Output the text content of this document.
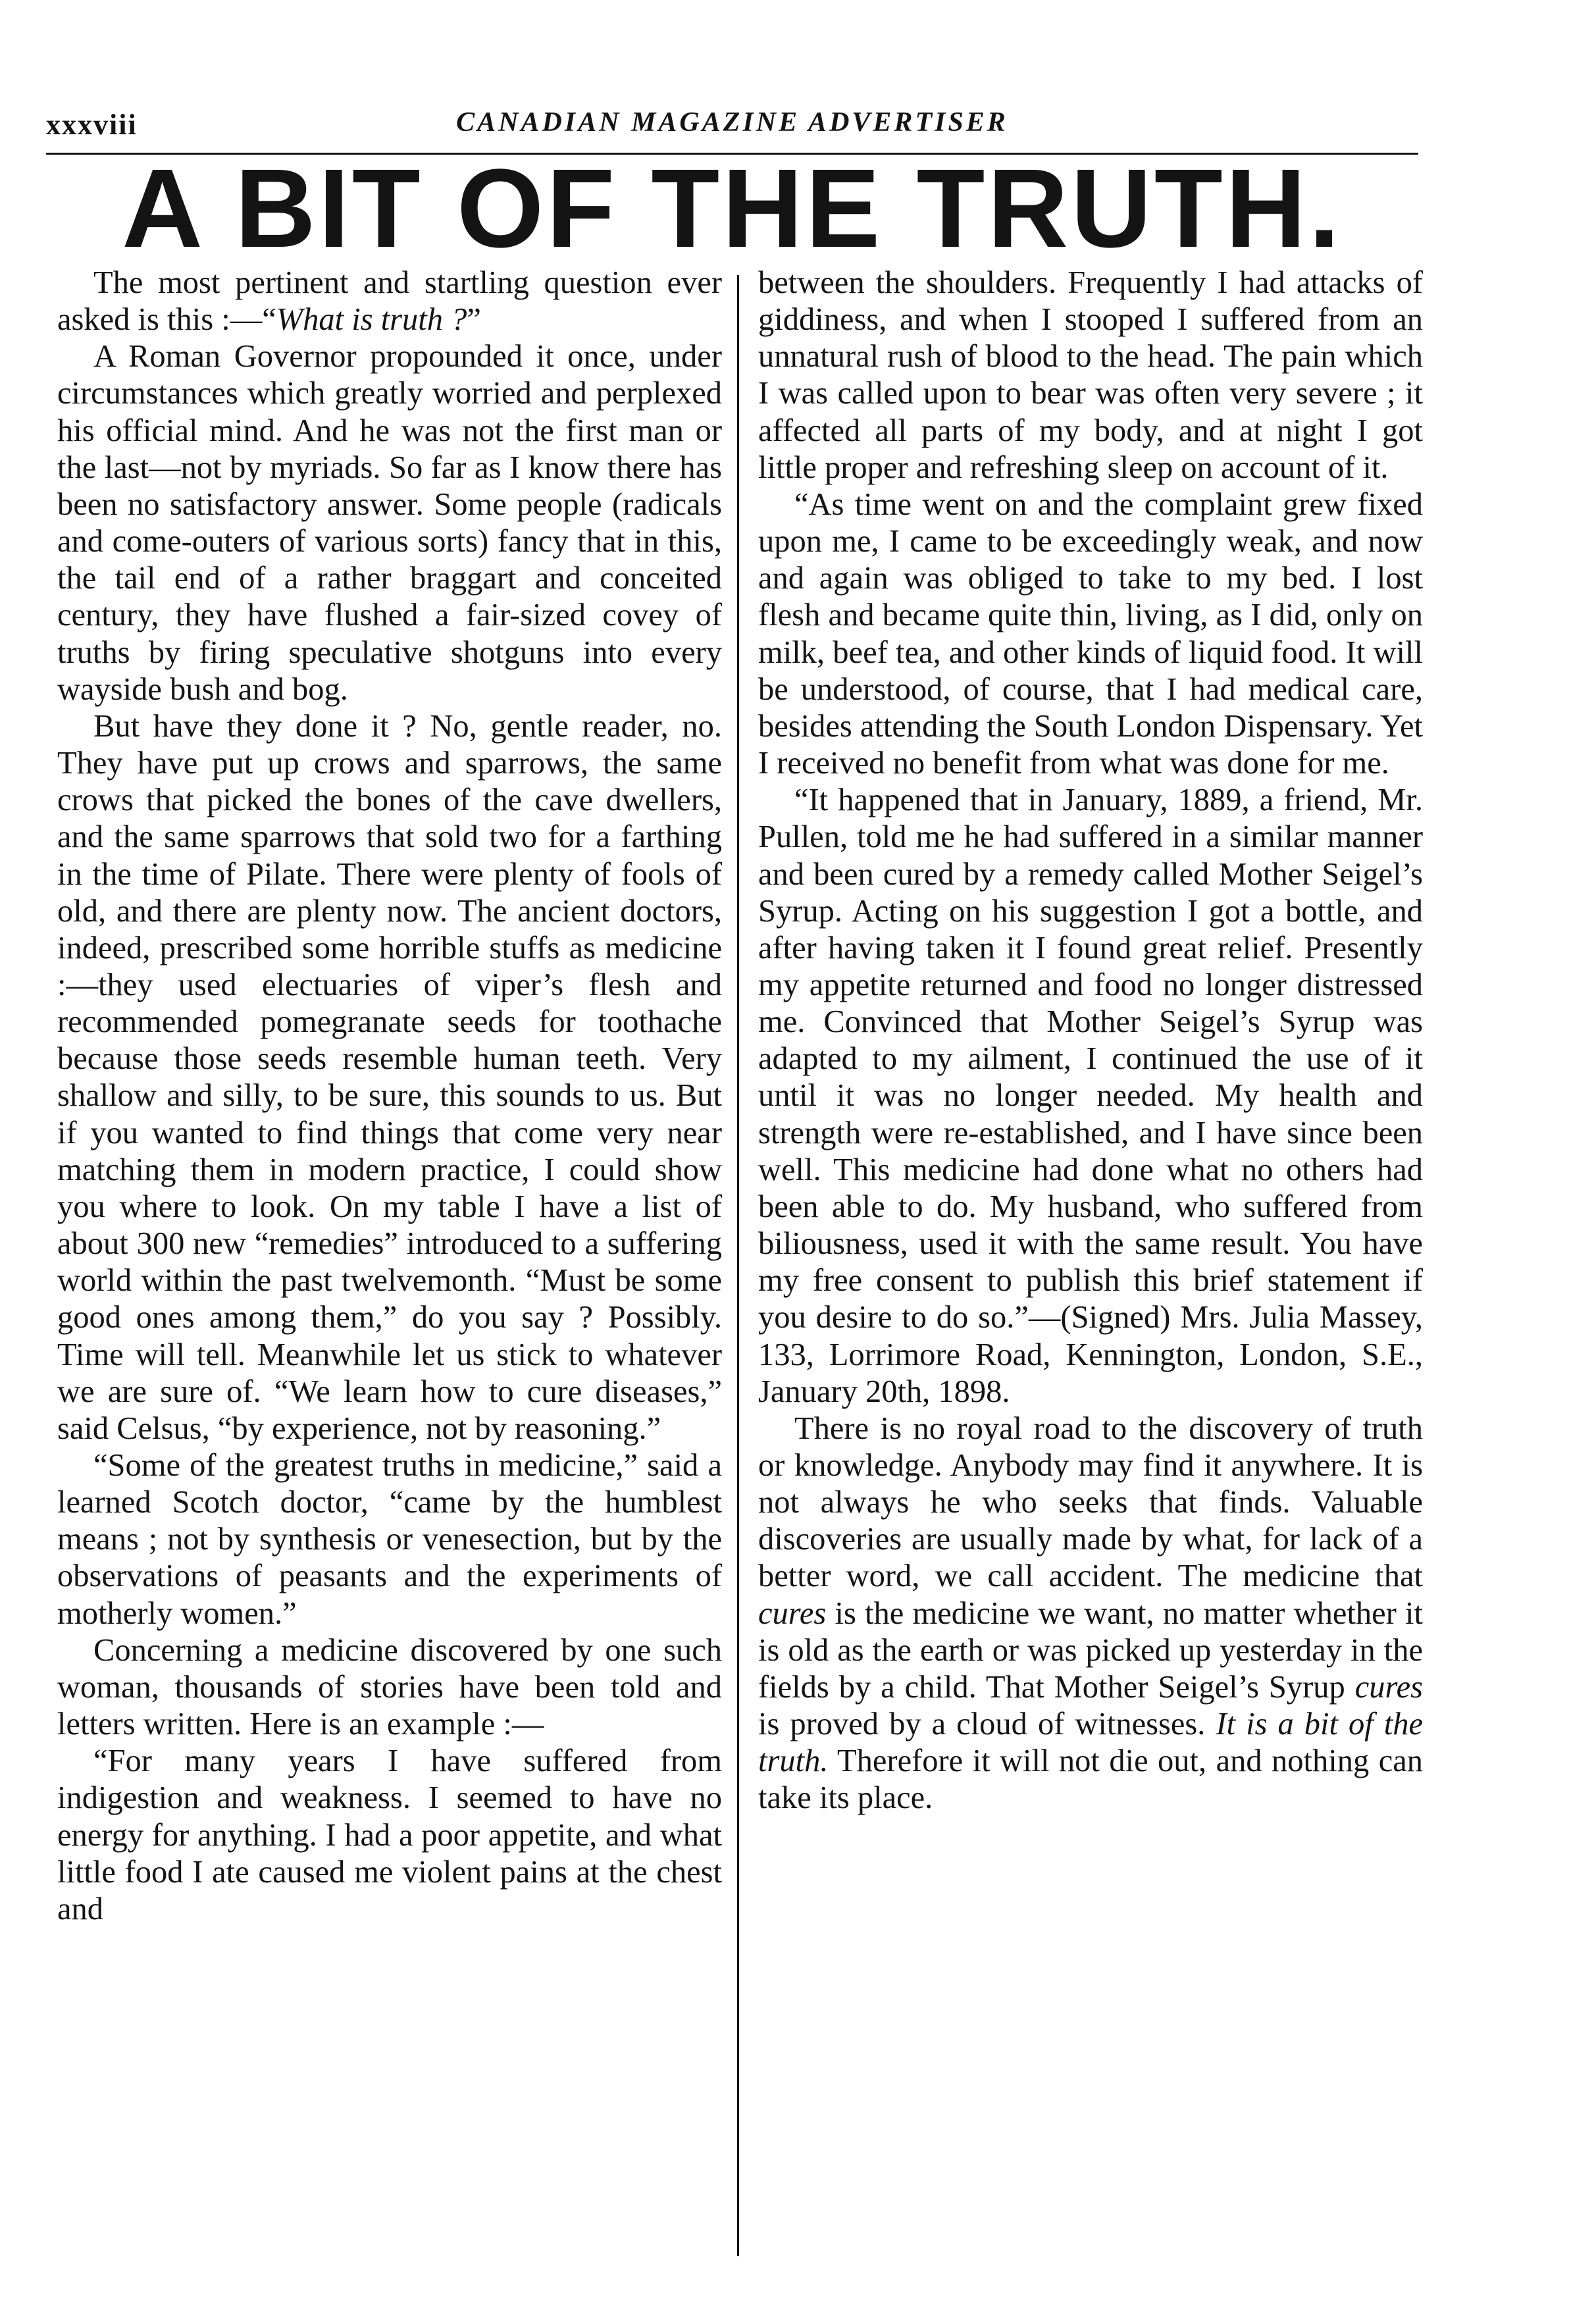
xxxviii	CANADIAN MAGAZINE ADVERTISER
A BIT OF THE TRUTH.

The most pertinent and startling question ever asked is this :—“What is truth ?”

A Roman Governor propounded it once, under circumstances which greatly worried and perplexed his official mind. And he was not the first man or the last—not by myriads. So far as I know there has been no satisfactory answer. Some people (radicals and come-outers of various sorts) fancy that in this, the tail end of a rather braggart and conceited century, they have flushed a fair-sized covey of truths by firing speculative shotguns into every wayside bush and bog.

But have they done it ? No, gentle reader, no. They have put up crows and sparrows, the same crows that picked the bones of the cave dwellers, and the same sparrows that sold two for a farthing in the time of Pilate. There were plenty of fools of old, and there are plenty now. The ancient doctors, indeed, prescribed some horrible stuffs as medicine :—they used electuaries of viper’s flesh and recommended pomegranate seeds for toothache because those seeds resemble human teeth. Very shallow and silly, to be sure, this sounds to us. But if you wanted to find things that come very near matching them in modern practice, I could show you where to look. On my table I have a list of about 300 new “remedies” introduced to a suffering world within the past twelvemonth. “Must be some good ones among them,” do you say ? Possibly. Time will tell. Meanwhile let us stick to whatever we are sure of. “We learn how to cure diseases,” said Celsus, “by experience, not by reasoning.”

“Some of the greatest truths in medicine,” said a learned Scotch doctor, “came by the humblest means ; not by synthesis or venesection, but by the observations of peasants and the experiments of motherly women.”

Concerning a medicine discovered by one such woman, thousands of stories have been told and letters written. Here is an example :—

“For many years I have suffered from indigestion and weakness. I seemed to have no energy for anything. I had a poor appetite, and what little food I ate caused me violent pains at the chest and

between the shoulders. Frequently I had attacks of giddiness, and when I stooped I suffered from an unnatural rush of blood to the head. The pain which I was called upon to bear was often very severe ; it affected all parts of my body, and at night I got little proper and refreshing sleep on account of it.

“As time went on and the complaint grew fixed upon me, I came to be exceedingly weak, and now and again was obliged to take to my bed. I lost flesh and became quite thin, living, as I did, only on milk, beef tea, and other kinds of liquid food. It will be understood, of course, that I had medical care, besides attending the South London Dispensary. Yet I received no benefit from what was done for me.

“It happened that in January, 1889, a friend, Mr. Pullen, told me he had suffered in a similar manner and been cured by a remedy called Mother Seigel’s Syrup. Acting on his suggestion I got a bottle, and after having taken it I found great relief. Presently my appetite returned and food no longer distressed me. Convinced that Mother Seigel’s Syrup was adapted to my ailment, I continued the use of it until it was no longer needed. My health and strength were re-established, and I have since been well. This medicine had done what no others had been able to do. My husband, who suffered from biliousness, used it with the same result. You have my free consent to publish this brief statement if you desire to do so.”—(Signed) Mrs. Julia Massey, 133, Lorrimore Road, Kennington, London, S.E., January 20th, 1898.

There is no royal road to the discovery of truth or knowledge. Anybody may find it anywhere. It is not always he who seeks that finds. Valuable discoveries are usually made by what, for lack of a better word, we call accident. The medicine that cures is the medicine we want, no matter whether it is old as the earth or was picked up yesterday in the fields by a child. That Mother Seigel’s Syrup cures is proved by a cloud of witnesses. It is a bit of the truth. Therefore it will not die out, and nothing can take its place.
